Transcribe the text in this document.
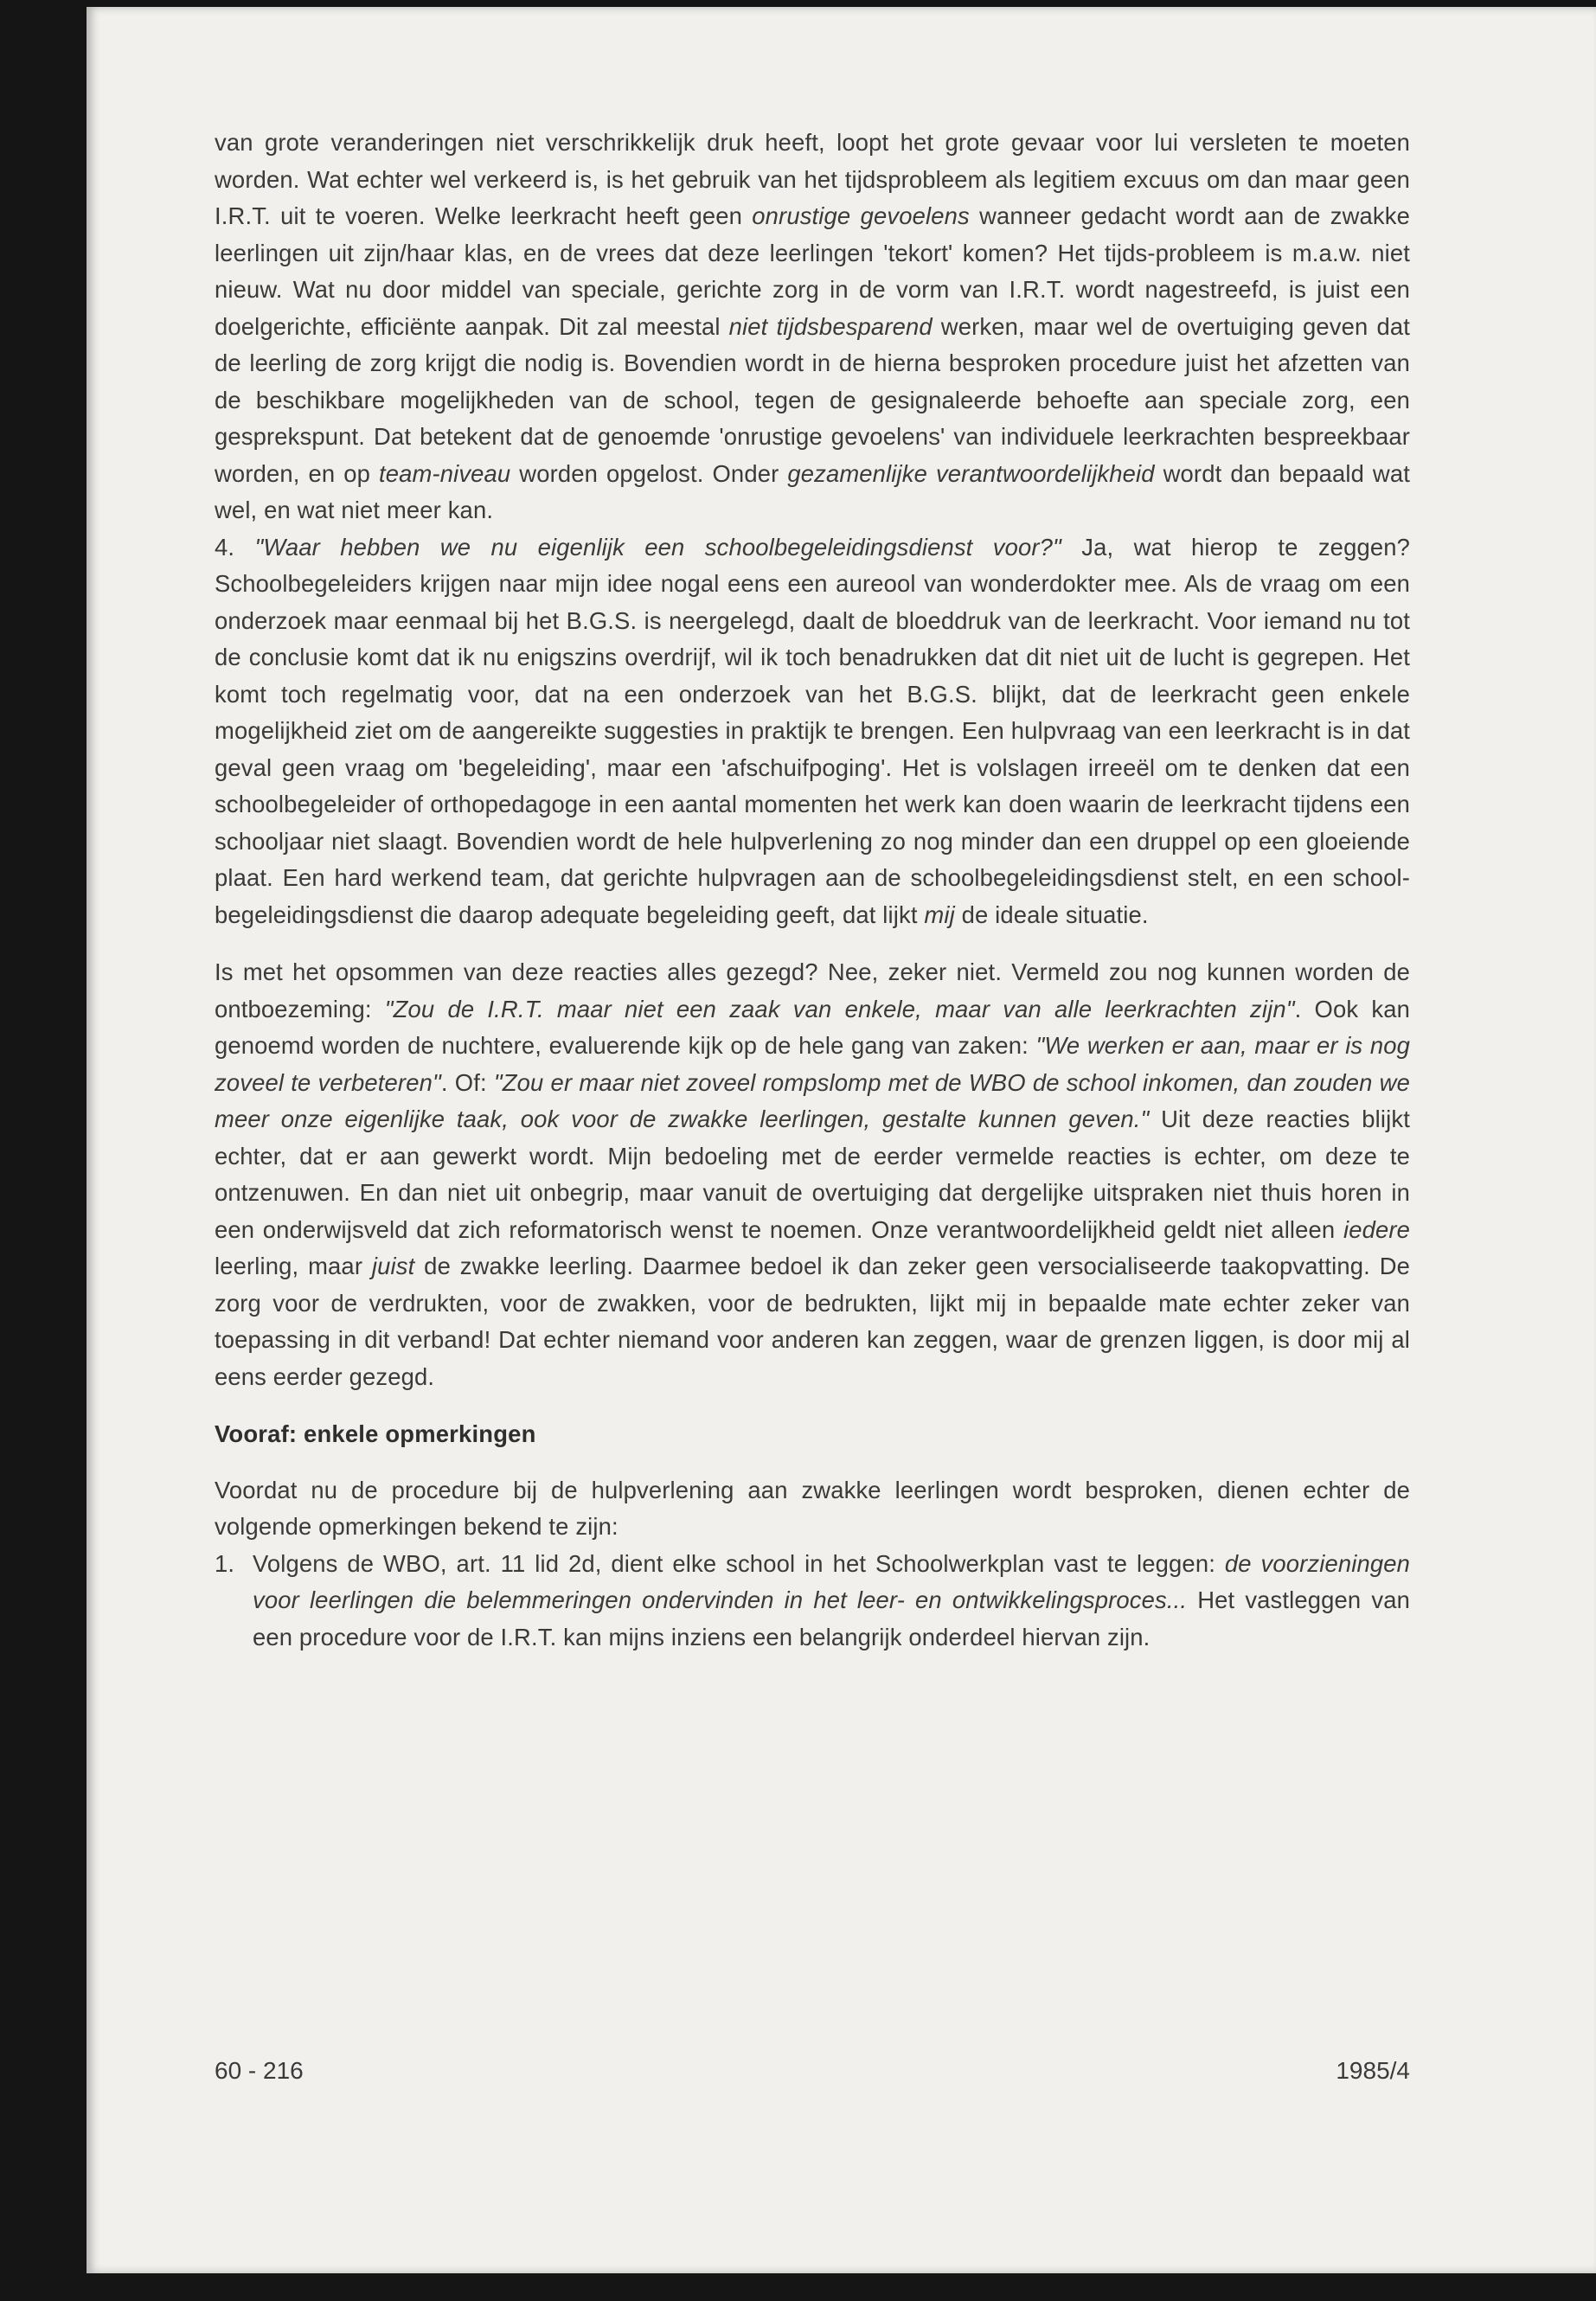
van grote veranderingen niet verschrikkelijk druk heeft, loopt het grote gevaar voor lui versleten te moeten worden. Wat echter wel verkeerd is, is het gebruik van het tijdsprobleem als legitiem excuus om dan maar geen I.R.T. uit te voeren. Welke leerkracht heeft geen onrustige gevoelens wanneer gedacht wordt aan de zwakke leerlingen uit zijn/haar klas, en de vrees dat deze leerlingen 'tekort' komen? Het tijds-probleem is m.a.w. niet nieuw. Wat nu door middel van speciale, gerichte zorg in de vorm van I.R.T. wordt nagestreefd, is juist een doelgerichte, efficiënte aanpak. Dit zal meestal niet tijdsbesparend werken, maar wel de overtuiging geven dat de leerling de zorg krijgt die nodig is. Bovendien wordt in de hierna besproken procedure juist het afzetten van de beschikbare mogelijkheden van de school, tegen de gesignaleerde behoefte aan speciale zorg, een gesprekspunt. Dat betekent dat de genoemde 'onrustige gevoelens' van individuele leerkrachten bespreekbaar worden, en op team-niveau worden opgelost. Onder gezamenlijke verantwoordelijkheid wordt dan bepaald wat wel, en wat niet meer kan.

4. "Waar hebben we nu eigenlijk een schoolbegeleidingsdienst voor?" Ja, wat hierop te zeggen? Schoolbegeleiders krijgen naar mijn idee nogal eens een aureool van wonderdokter mee. Als de vraag om een onderzoek maar eenmaal bij het B.G.S. is neergelegd, daalt de bloeddruk van de leerkracht. Voor iemand nu tot de conclusie komt dat ik nu enigszins overdrijf, wil ik toch benadrukken dat dit niet uit de lucht is gegrepen. Het komt toch regelmatig voor, dat na een onderzoek van het B.G.S. blijkt, dat de leerkracht geen enkele mogelijkheid ziet om de aangereikte suggesties in praktijk te brengen. Een hulpvraag van een leerkracht is in dat geval geen vraag om 'begeleiding', maar een 'afschuifpoging'. Het is volslagen irreeël om te denken dat een schoolbegeleider of orthopedagoge in een aantal momenten het werk kan doen waarin de leerkracht tijdens een schooljaar niet slaagt. Bovendien wordt de hele hulpverlening zo nog minder dan een druppel op een gloeiende plaat. Een hard werkend team, dat gerichte hulpvragen aan de schoolbegeleidingsdienst stelt, en een school-begeleidingsdienst die daarop adequate begeleiding geeft, dat lijkt mij de ideale situatie.

Is met het opsommen van deze reacties alles gezegd? Nee, zeker niet. Vermeld zou nog kunnen worden de ontboezeming: "Zou de I.R.T. maar niet een zaak van enkele, maar van alle leerkrachten zijn". Ook kan genoemd worden de nuchtere, evaluerende kijk op de hele gang van zaken: "We werken er aan, maar er is nog zoveel te verbeteren". Of: "Zou er maar niet zoveel rompslomp met de WBO de school inkomen, dan zouden we meer onze eigenlijke taak, ook voor de zwakke leerlingen, gestalte kunnen geven." Uit deze reacties blijkt echter, dat er aan gewerkt wordt. Mijn bedoeling met de eerder vermelde reacties is echter, om deze te ontzenuwen. En dan niet uit onbegrip, maar vanuit de overtuiging dat dergelijke uitspraken niet thuis horen in een onderwijsveld dat zich reformatorisch wenst te noemen. Onze verantwoordelijkheid geldt niet alleen iedere leerling, maar juist de zwakke leerling. Daarmee bedoel ik dan zeker geen versocialiseerde taakopvatting. De zorg voor de verdrukten, voor de zwakken, voor de bedrukten, lijkt mij in bepaalde mate echter zeker van toepassing in dit verband! Dat echter niemand voor anderen kan zeggen, waar de grenzen liggen, is door mij al eens eerder gezegd.

Vooraf: enkele opmerkingen

Voordat nu de procedure bij de hulpverlening aan zwakke leerlingen wordt besproken, dienen echter de volgende opmerkingen bekend te zijn:

1. Volgens de WBO, art. 11 lid 2d, dient elke school in het Schoolwerkplan vast te leggen: de voorzieningen voor leerlingen die belemmeringen ondervinden in het leer- en ontwikkelingsproces... Het vastleggen van een procedure voor de I.R.T. kan mijns inziens een belangrijk onderdeel hiervan zijn.

60 - 216	1985/4
